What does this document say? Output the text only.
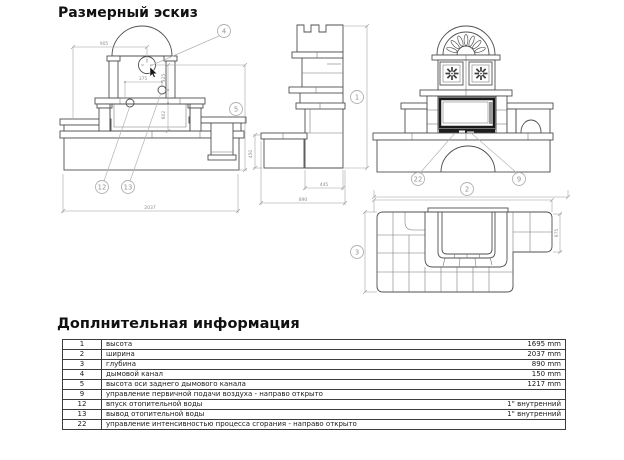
Размерный эскиз
905
375	325
802
2037
4
5
12	13
450
445
890
1
22	9
2
875
3
Доплнительная информация
1	высота 1695 mm

2	ширина 2037 mm

3	глубина 890 mm

4	дымовой канал 150 mm

5	высота оси заднего дымового канала 1217 mm

9	управление первичной подачи воздуха - направо открыто

12	впуск отопительной воды 1" внутренний

13	вывод отопительной воды 1" внутренний

22	управление интенсивностью процесса сгорания - направо открыто
